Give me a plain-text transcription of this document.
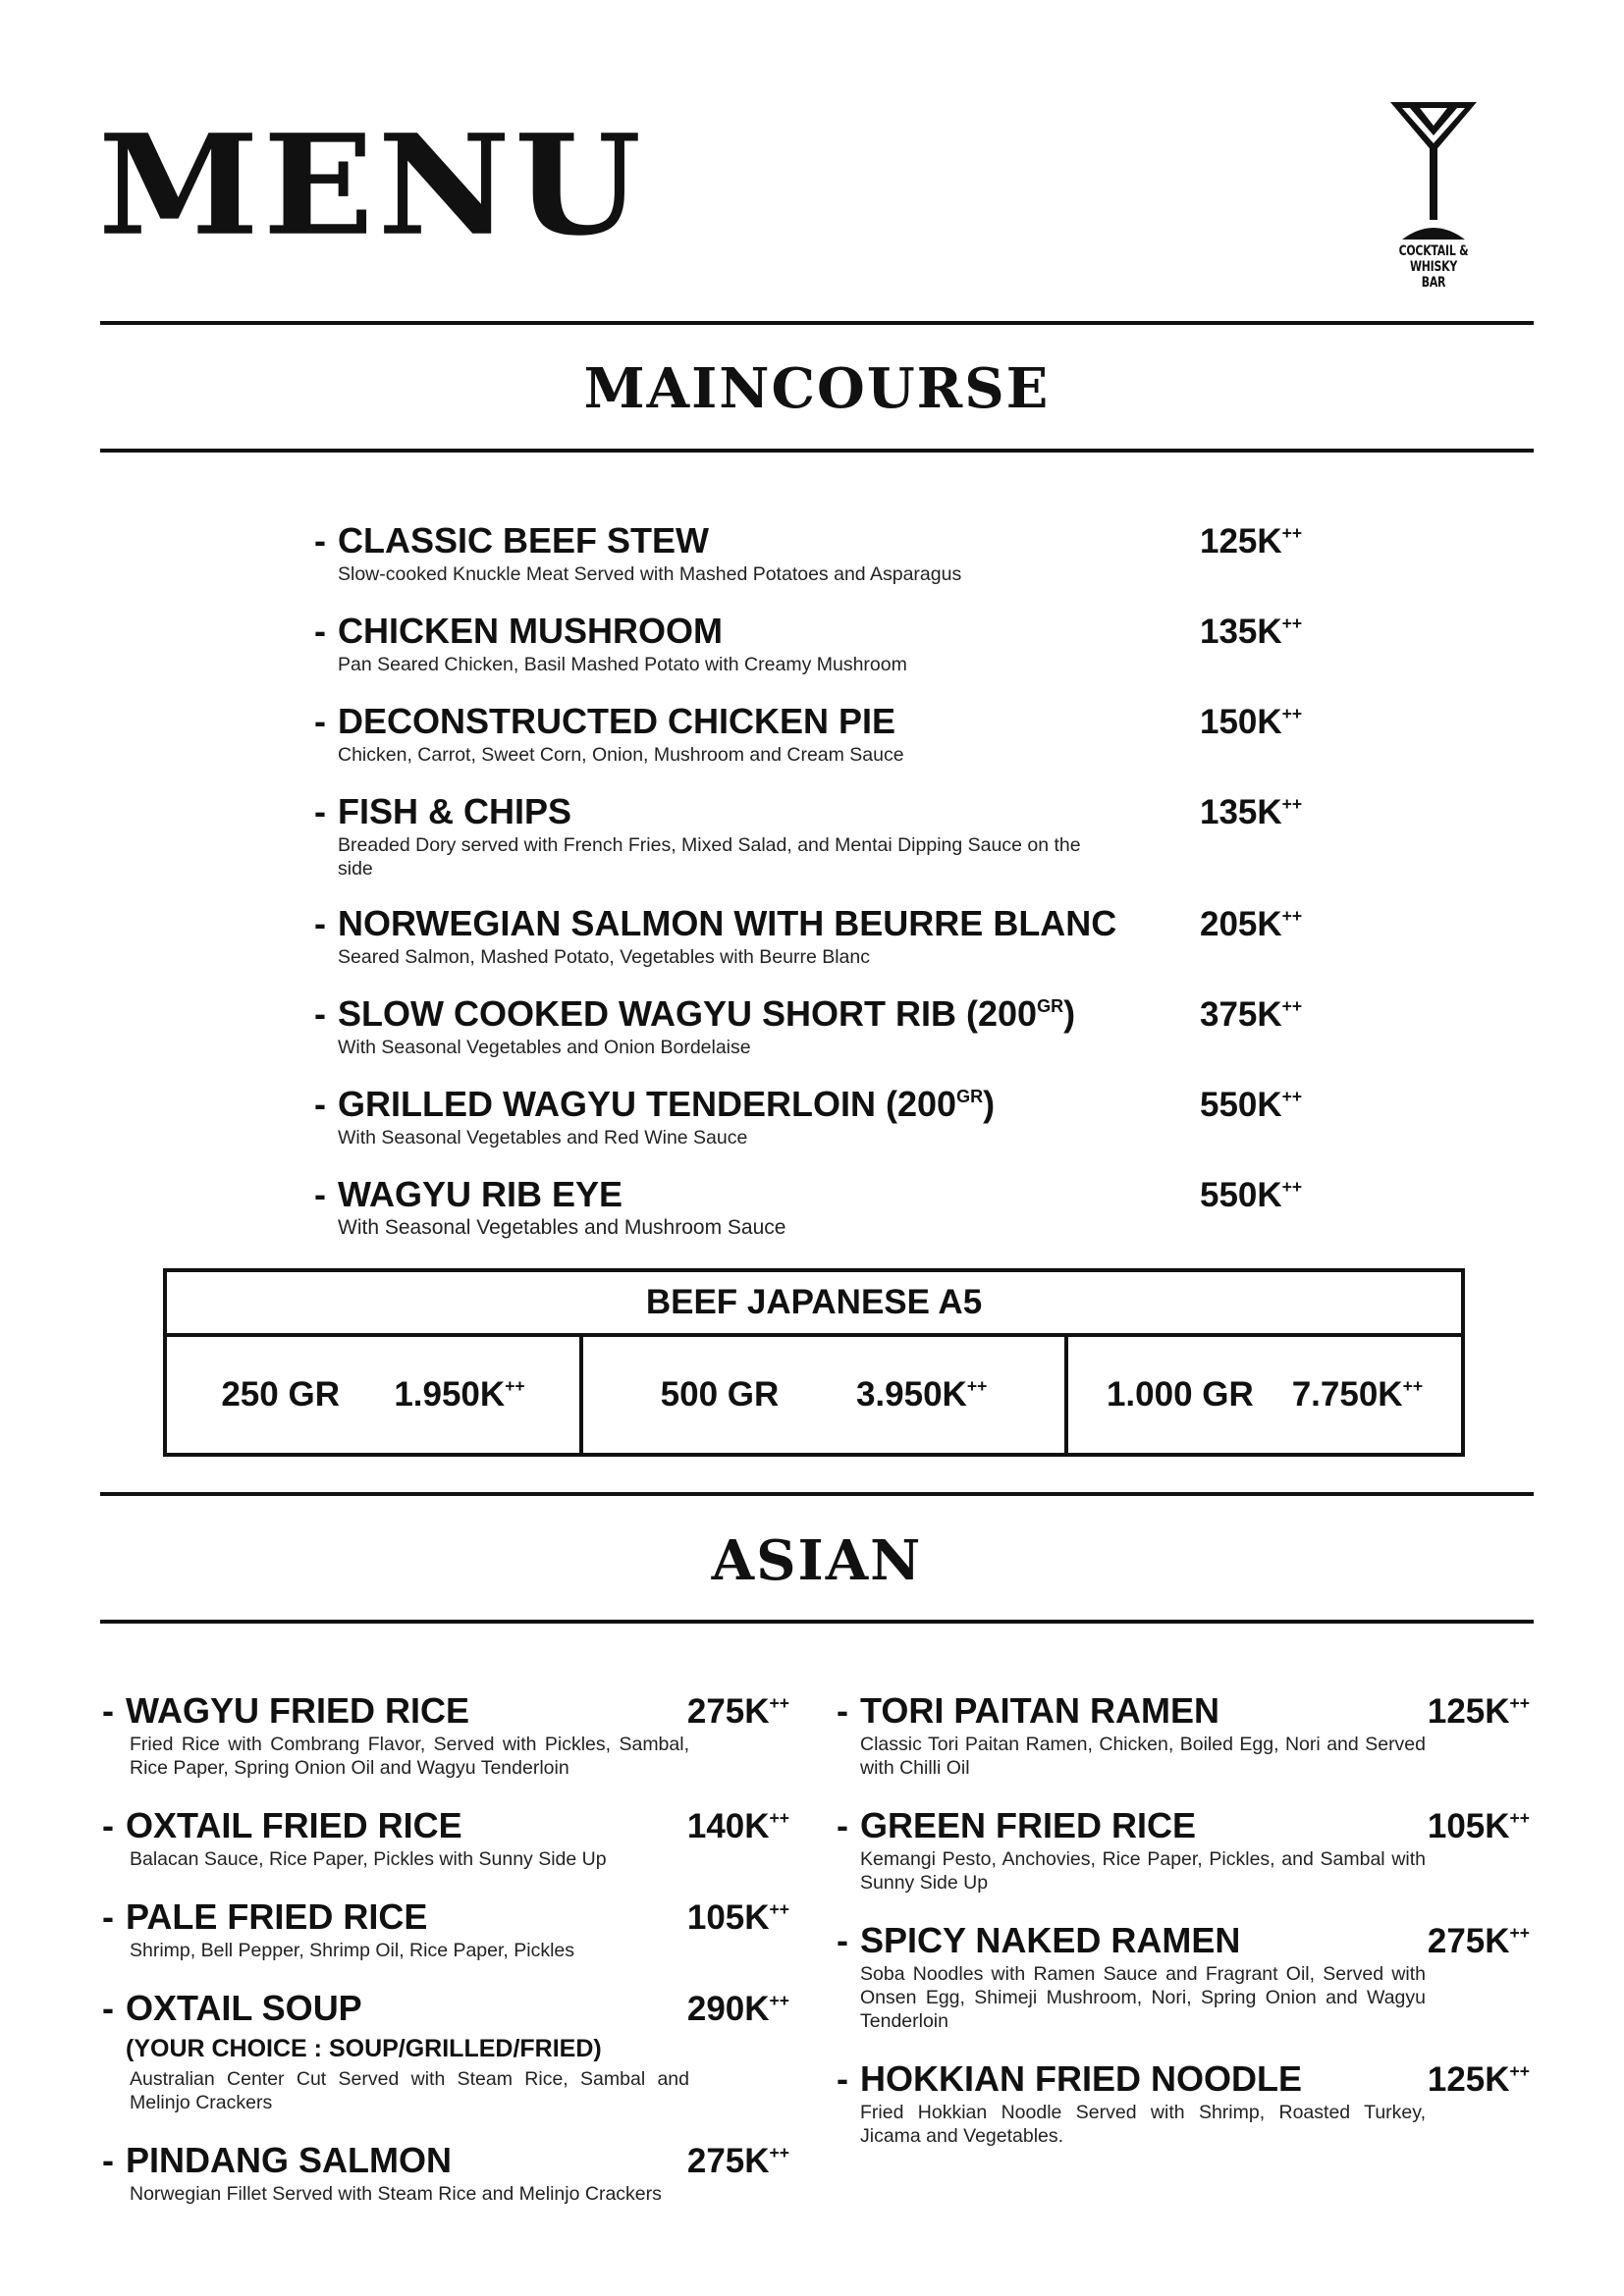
MENU	COCKTAIL & WHISKY
BAR
MAINCOURSE
- CLASSIC BEEF STEW	125K++
Slow-cooked Knuckle Meat Served with Mashed Potatoes and Asparagus
- CHICKEN MUSHROOM	135K++
Pan Seared Chicken, Basil Mashed Potato with Creamy Mushroom
- DECONSTRUCTED CHICKEN PIE	150K++
Chicken, Carrot, Sweet Corn, Onion, Mushroom and Cream Sauce
- FISH & CHIPS	135K++
Breaded Dory served with French Fries, Mixed Salad, and Mentai Dipping Sauce on the side
- NORWEGIAN SALMON WITH BEURRE BLANC 205K++
Seared Salmon, Mashed Potato, Vegetables with Beurre Blanc
- SLOW COOKED WAGYU SHORT RIB $(200^{GR})$	375K++
With Seasonal Vegetables and Onion Bordelaise
- GRILLED WAGYU TENDERLOIN $(200^{GR})$	550K++
With Seasonal Vegetables and Red Wine Sauce
- WAGYU RIB EYE	550K++
With Seasonal Vegetables and Mushroom Sauce
BEEF JAPANESE A5
250 GR 1.950K++	500 GR 3.950K++	1.000 GR 7.750K++
ASIAN
- WAGYU FRIED RICE	275K++
Fried Rice with Combrang Flavor, Served with Pickles, Sambal, Rice Paper, Spring Onion Oil and Wagyu Tenderloin
- OXTAIL FRIED RICE	140K++
Balacan Sauce, Rice Paper, Pickles with Sunny Side Up
- PALE FRIED RICE	105K++
Shrimp, Bell Pepper, Shrimp Oil, Rice Paper, Pickles
- OXTAIL SOUP	290K++
(YOUR CHOICE : SOUP/GRILLED/FRIED)
Australian Center Cut Served with Steam Rice, Sambal and Melinjo Crackers
- PINDANG SALMON	275K++
Norwegian Fillet Served with Steam Rice and Melinjo Crackers
- TORI PAITAN RAMEN	125K++
Classic Tori Paitan Ramen, Chicken, Boiled Egg, Nori and Served with Chilli Oil
- GREEN FRIED RICE	105K++
Kemangi Pesto, Anchovies, Rice Paper, Pickles, and Sambal with Sunny Side Up
- SPICY NAKED RAMEN	275K++
Soba Noodles with Ramen Sauce and Fragrant Oil, Served with Onsen Egg, Shimeji Mushroom, Nori, Spring Onion and Wagyu Tenderloin
- HOKKIAN FRIED NOODLE	125K++
Fried Hokkian Noodle Served with Shrimp, Roasted Turkey, Jicama and Vegetables.
